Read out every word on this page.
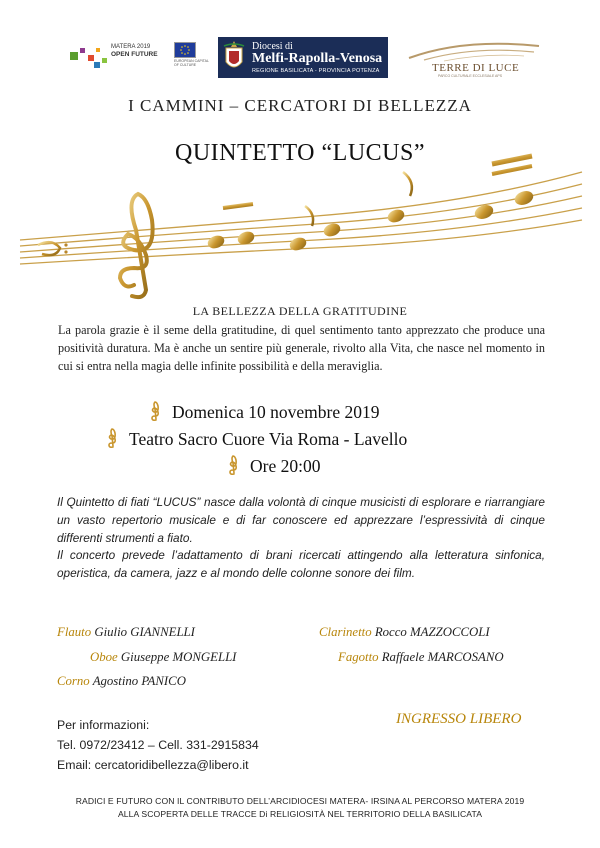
MATERA 2019
OPEN FUTURE
EUROPEAN CAPITAL OF CULTURE
Diocesi di
Melfi-Rapolla-Venosa
REGIONE BASILICATA - PROVINCIA POTENZA	TERRE DI LUCE
PARCO CULTURALE ECCLESIALE APS
I CAMMINI – CERCATORI DI BELLEZZA
QUINTETTO “LUCUS”
LA BELLEZZA DELLA GRATITUDINE
La parola grazie è il seme della gratitudine, di quel sentimento tanto apprezzato che produce una positività duratura. Ma è anche un sentire più generale, rivolto alla Vita, che nasce nel momento in cui si entra nella magia delle infinite possibilità e della meraviglia.
Domenica 10 novembre 2019
Teatro Sacro Cuore Via Roma - Lavello
Ore 20:00
Il Quintetto di fiati “LUCUS” nasce dalla volontà di cinque musicisti di esplorare e riarrangiare un vasto repertorio musicale e di far conoscere ed apprezzare l’espressività di cinque differenti strumenti a fiato.
Il concerto prevede l’adattamento di brani ricercati attingendo alla letteratura sinfonica, operistica, da camera, jazz e al mondo delle colonne sonore dei film.
Flauto Giulio GIANNELLI	Clarinetto Rocco MAZZOCCOLI
Oboe Giuseppe MONGELLI	Fagotto Raffaele MARCOSANO
Corno Agostino PANICO
Per informazioni:
Tel. 0972/23412 – Cell. 331-2915834
Email: cercatoridibellezza@libero.it
INGRESSO LIBERO
RADICI E FUTURO CON IL CONTRIBUTO DELL’ARCIDIOCESI MATERA- IRSINA AL PERCORSO MATERA 2019
ALLA SCOPERTA DELLE TRACCE Di RELIGIOSITÀ NEL TERRITORIO DELLA BASILICATA
